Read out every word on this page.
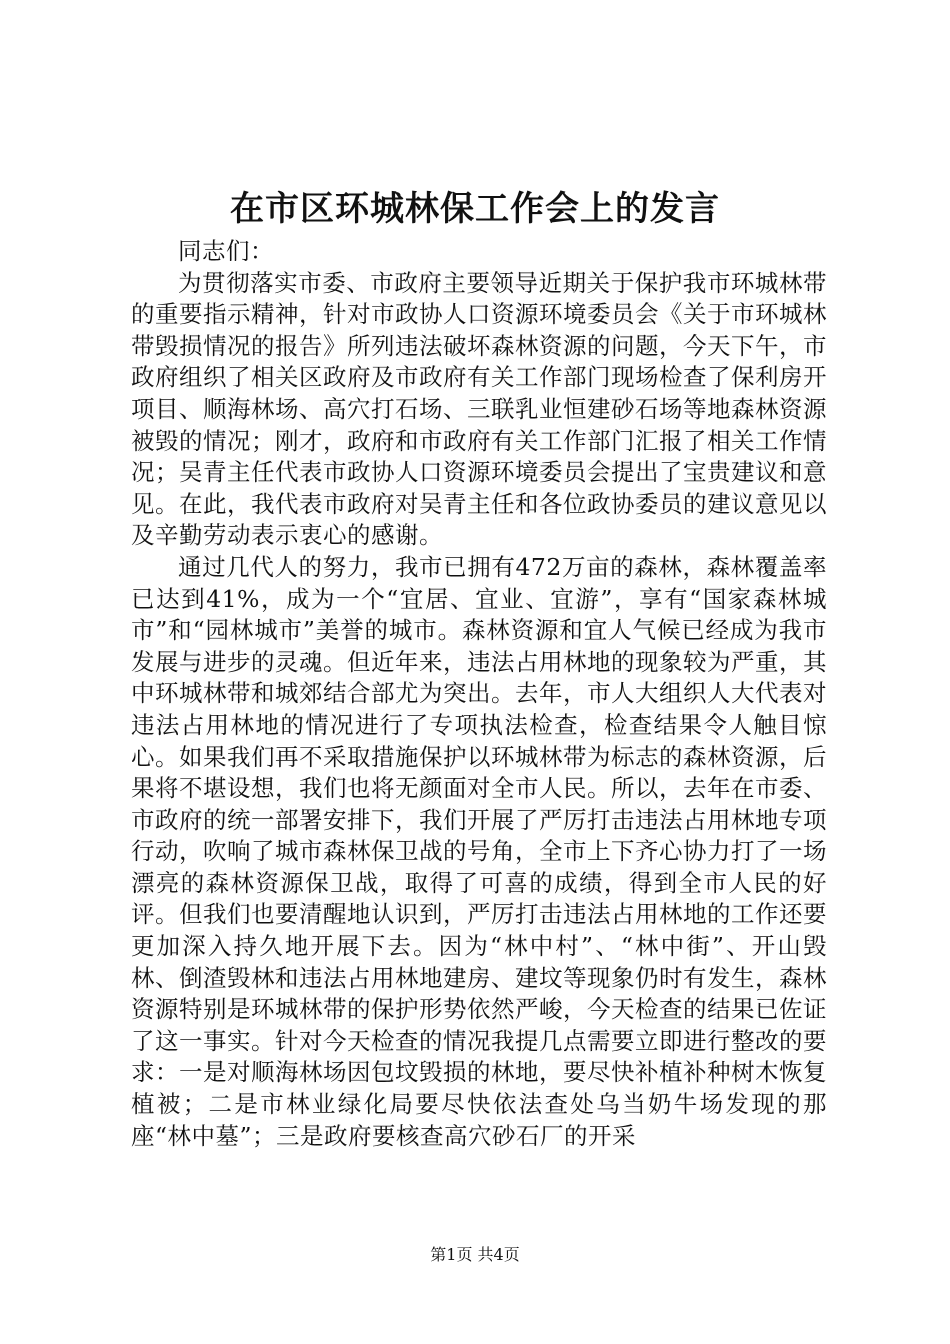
在市区环城林保工作会上的发言

同志们：

为贯彻落实市委、市政府主要领导近期关于保护我市环城林带的重要指示精神，针对市政协人口资源环境委员会《关于市环城林带毁损情况的报告》所列违法破坏森林资源的问题，今天下午，市政府组织了相关区政府及市政府有关工作部门现场检查了保利房开项目、顺海林场、高穴打石场、三联乳业恒建砂石场等地森林资源被毁的情况；刚才，政府和市政府有关工作部门汇报了相关工作情况；吴青主任代表市政协人口资源环境委员会提出了宝贵建议和意见。在此，我代表市政府对吴青主任和各位政协委员的建议意见以及辛勤劳动表示衷心的感谢。

通过几代人的努力，我市已拥有472万亩的森林，森林覆盖率已达到41%，成为一个“宜居、宜业、宜游”，享有“国家森林城市”和“园林城市”美誉的城市。森林资源和宜人气候已经成为我市发展与进步的灵魂。但近年来，违法占用林地的现象较为严重，其中环城林带和城郊结合部尤为突出。去年，市人大组织人大代表对违法占用林地的情况进行了专项执法检查，检查结果令人触目惊心。如果我们再不采取措施保护以环城林带为标志的森林资源，后果将不堪设想，我们也将无颜面对全市人民。所以，去年在市委、市政府的统一部署安排下，我们开展了严厉打击违法占用林地专项行动，吹响了城市森林保卫战的号角，全市上下齐心协力打了一场漂亮的森林资源保卫战，取得了可喜的成绩，得到全市人民的好评。但我们也要清醒地认识到，严厉打击违法占用林地的工作还要更加深入持久地开展下去。因为“林中村”、“林中街”、开山毁林、倒渣毁林和违法占用林地建房、建坟等现象仍时有发生，森林资源特别是环城林带的保护形势依然严峻，今天检查的结果已佐证了这一事实。针对今天检查的情况我提几点需要立即进行整改的要求：一是对顺海林场因包坟毁损的林地，要尽快补植补种树木恢复植被；二是市林业绿化局要尽快依法查处乌当奶牛场发现的那座“林中墓”；三是政府要核查高穴砂石厂的开采

第1页 共4页
